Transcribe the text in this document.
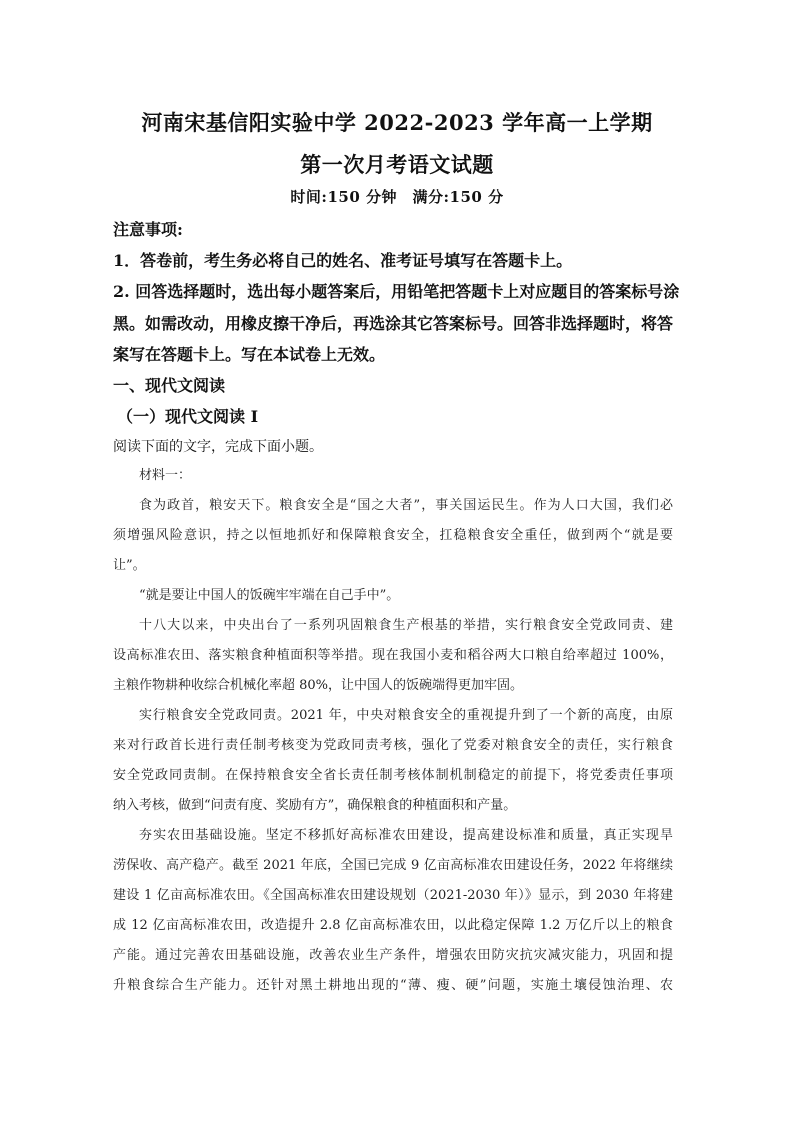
河南宋基信阳实验中学 2022-2023 学年高一上学期
第一次月考语文试题
时间:150 分钟　满分:150 分
注意事项:
1．答卷前，考生务必将自己的姓名、准考证号填写在答题卡上。
2. 回答选择题时，选出每小题答案后，用铅笔把答题卡上对应题目的答案标号涂
黑。如需改动，用橡皮擦干净后，再选涂其它答案标号。回答非选择题时，将答
案写在答题卡上。写在本试卷上无效。
一、现代文阅读
（一）现代文阅读 I
阅读下面的文字，完成下面小题。
材料一：
食为政首，粮安天下。粮食安全是“国之大者”，事关国运民生。作为人口大国，我们必
须增强风险意识，持之以恒地抓好和保障粮食安全，扛稳粮食安全重任，做到两个“就是要
让”。
“就是要让中国人的饭碗牢牢端在自己手中”。
十八大以来，中央出台了一系列巩固粮食生产根基的举措，实行粮食安全党政同责、建
设高标准农田、落实粮食种植面积等举措。现在我国小麦和稻谷两大口粮自给率超过 100%，
主粮作物耕种收综合机械化率超 80%，让中国人的饭碗端得更加牢固。
实行粮食安全党政同责。2021 年，中央对粮食安全的重视提升到了一个新的高度，由原
来对行政首长进行责任制考核变为党政同责考核，强化了党委对粮食安全的责任，实行粮食
安全党政同责制。在保持粮食安全省长责任制考核体制机制稳定的前提下，将党委责任事项
纳入考核，做到“问责有度、奖励有方”，确保粮食的种植面积和产量。
夯实农田基础设施。坚定不移抓好高标准农田建设，提高建设标准和质量，真正实现旱
涝保收、高产稳产。截至 2021 年底，全国已完成 9 亿亩高标准农田建设任务，2022 年将继续
建设 1 亿亩高标准农田。《全国高标准农田建设规划（2021-2030 年）》显示，到 2030 年将建
成 12 亿亩高标准农田，改造提升 2.8 亿亩高标准农田，以此稳定保障 1.2 万亿斤以上的粮食
产能。通过完善农田基础设施，改善农业生产条件，增强农田防灾抗灾减灾能力，巩固和提
升粮食综合生产能力。还针对黑土耕地出现的“薄、瘦、硬”问题，实施土壤侵蚀治理、农
